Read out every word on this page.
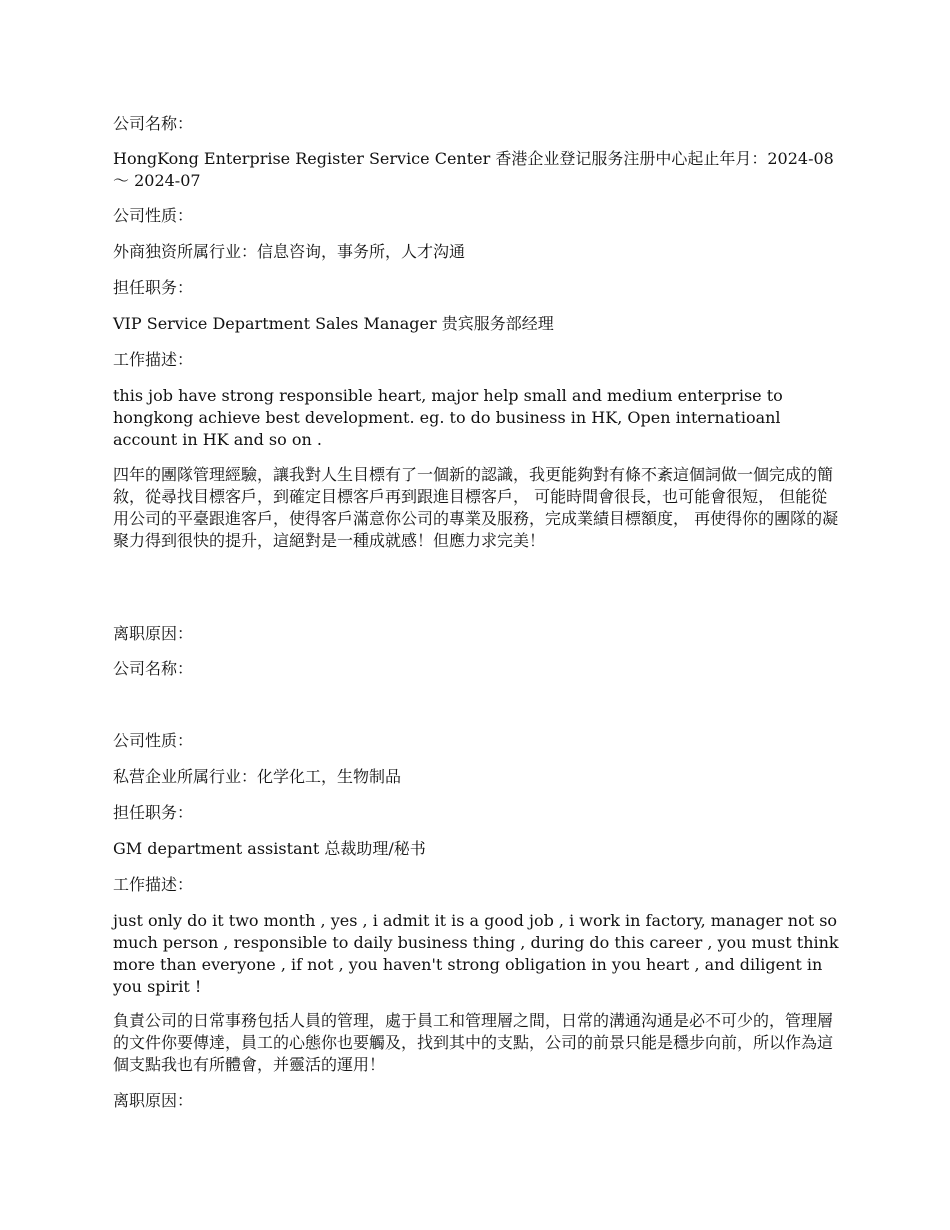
公司名称：
HongKong Enterprise Register Service Center 香港企业登记服务注册中心起止年月：2024-08 ～ 2024-07
公司性质：
外商独资所属行业：信息咨询，事务所，人才沟通
担任职务：
VIP Service Department Sales Manager 贵宾服务部经理
工作描述：
this job have strong responsible heart, major help small and medium enterprise to hongkong achieve best development. eg. to do business in HK, Open internatioanl account in HK and so on .
四年的團隊管理經驗，讓我對人生目標有了一個新的認識，我更能夠對有條不紊這個詞做一個完成的簡敘，從尋找目標客戶，到確定目標客戶再到跟進目標客戶， 可能時間會很長，也可能會很短， 但能從用公司的平臺跟進客戶，使得客戶滿意你公司的專業及服務，完成業績目標額度， 再使得你的團隊的凝聚力得到很快的提升，這絕對是一種成就感！但應力求完美！
离职原因：
公司名称：
公司性质：
私营企业所属行业：化学化工，生物制品
担任职务：
GM department assistant 总裁助理/秘书
工作描述：
just only do it two month , yes , i admit it is a good job , i work in factory, manager not so much person , responsible to daily business thing , during do this career , you must think more than everyone , if not , you haven't strong obligation in you heart , and diligent in you spirit !
負責公司的日常事務包括人員的管理，處于員工和管理層之間，日常的溝通沟通是必不可少的，管理層的文件你要傳達，員工的心態你也要觸及，找到其中的支點，公司的前景只能是穩步向前，所以作為這個支點我也有所體會，并靈活的運用！
离职原因：
